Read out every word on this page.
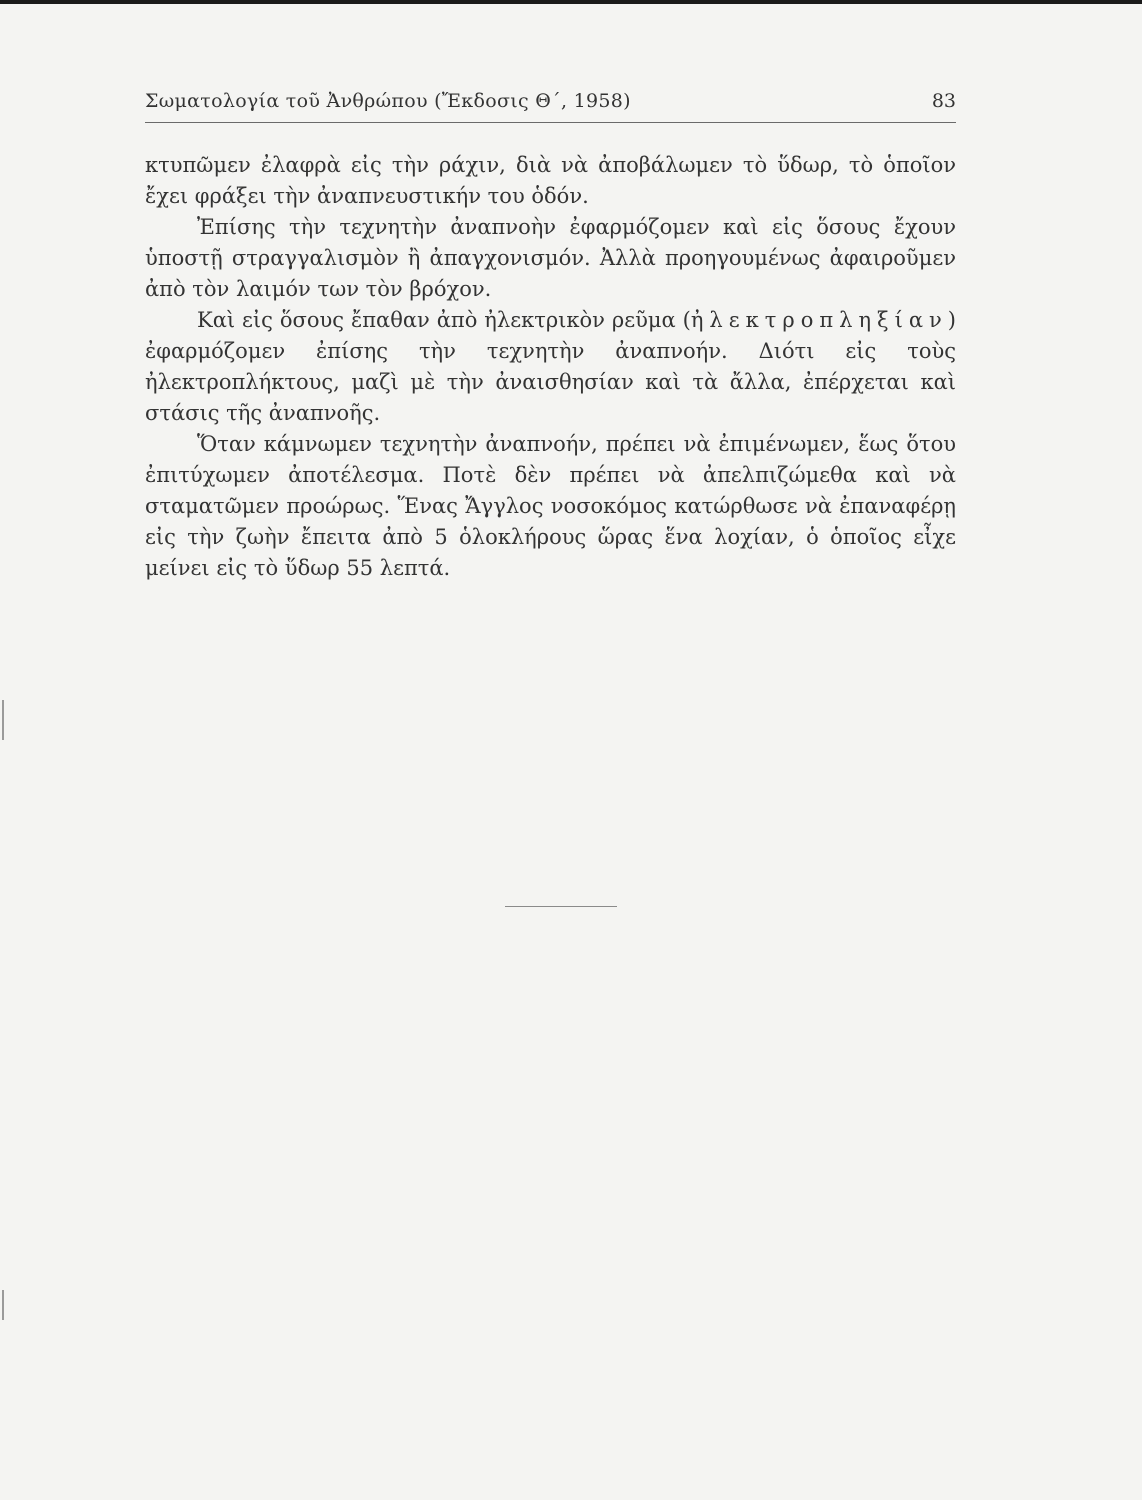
Σωματολογία τοῦ Ἀνθρώπου (Ἔκδοσις Θ΄, 1958)	83

κτυπῶμεν ἐλαφρὰ εἰς τὴν ράχιν, διὰ νὰ ἀποβάλωμεν τὸ ὕδωρ, τὸ ὁποῖον ἔχει φράξει τὴν ἀναπνευστικήν του ὁδόν.

Ἐπίσης τὴν τεχνητὴν ἀναπνοὴν ἐφαρμόζομεν καὶ εἰς ὅσους ἔχουν ὑποστῇ στραγγαλισμὸν ἢ ἀπαγχονισμόν. Ἀλλὰ προηγουμένως ἀφαιροῦμεν ἀπὸ τὸν λαιμόν των τὸν βρόχον.

Καὶ εἰς ὅσους ἔπαθαν ἀπὸ ἠλεκτρικὸν ρεῦμα (ἠλεκτροπληξίαν) ἐφαρμόζομεν ἐπίσης τὴν τεχνητὴν ἀναπνοήν. Διότι εἰς τοὺς ἠλεκτροπλήκτους, μαζὶ μὲ τὴν ἀναισθησίαν καὶ τὰ ἄλλα, ἐπέρχεται καὶ στάσις τῆς ἀναπνοῆς.

Ὅταν κάμνωμεν τεχνητὴν ἀναπνοήν, πρέπει νὰ ἐπιμένωμεν, ἕως ὅτου ἐπιτύχωμεν ἀποτέλεσμα. Ποτὲ δὲν πρέπει νὰ ἀπελπιζώμεθα καὶ νὰ σταματῶμεν προώρως. Ἕνας Ἄγγλος νοσοκόμος κατώρθωσε νὰ ἐπαναφέρῃ εἰς τὴν ζωὴν ἔπειτα ἀπὸ 5 ὁλοκλήρους ὥρας ἕνα λοχίαν, ὁ ὁποῖος εἶχε μείνει εἰς τὸ ὕδωρ 55 λεπτά.
